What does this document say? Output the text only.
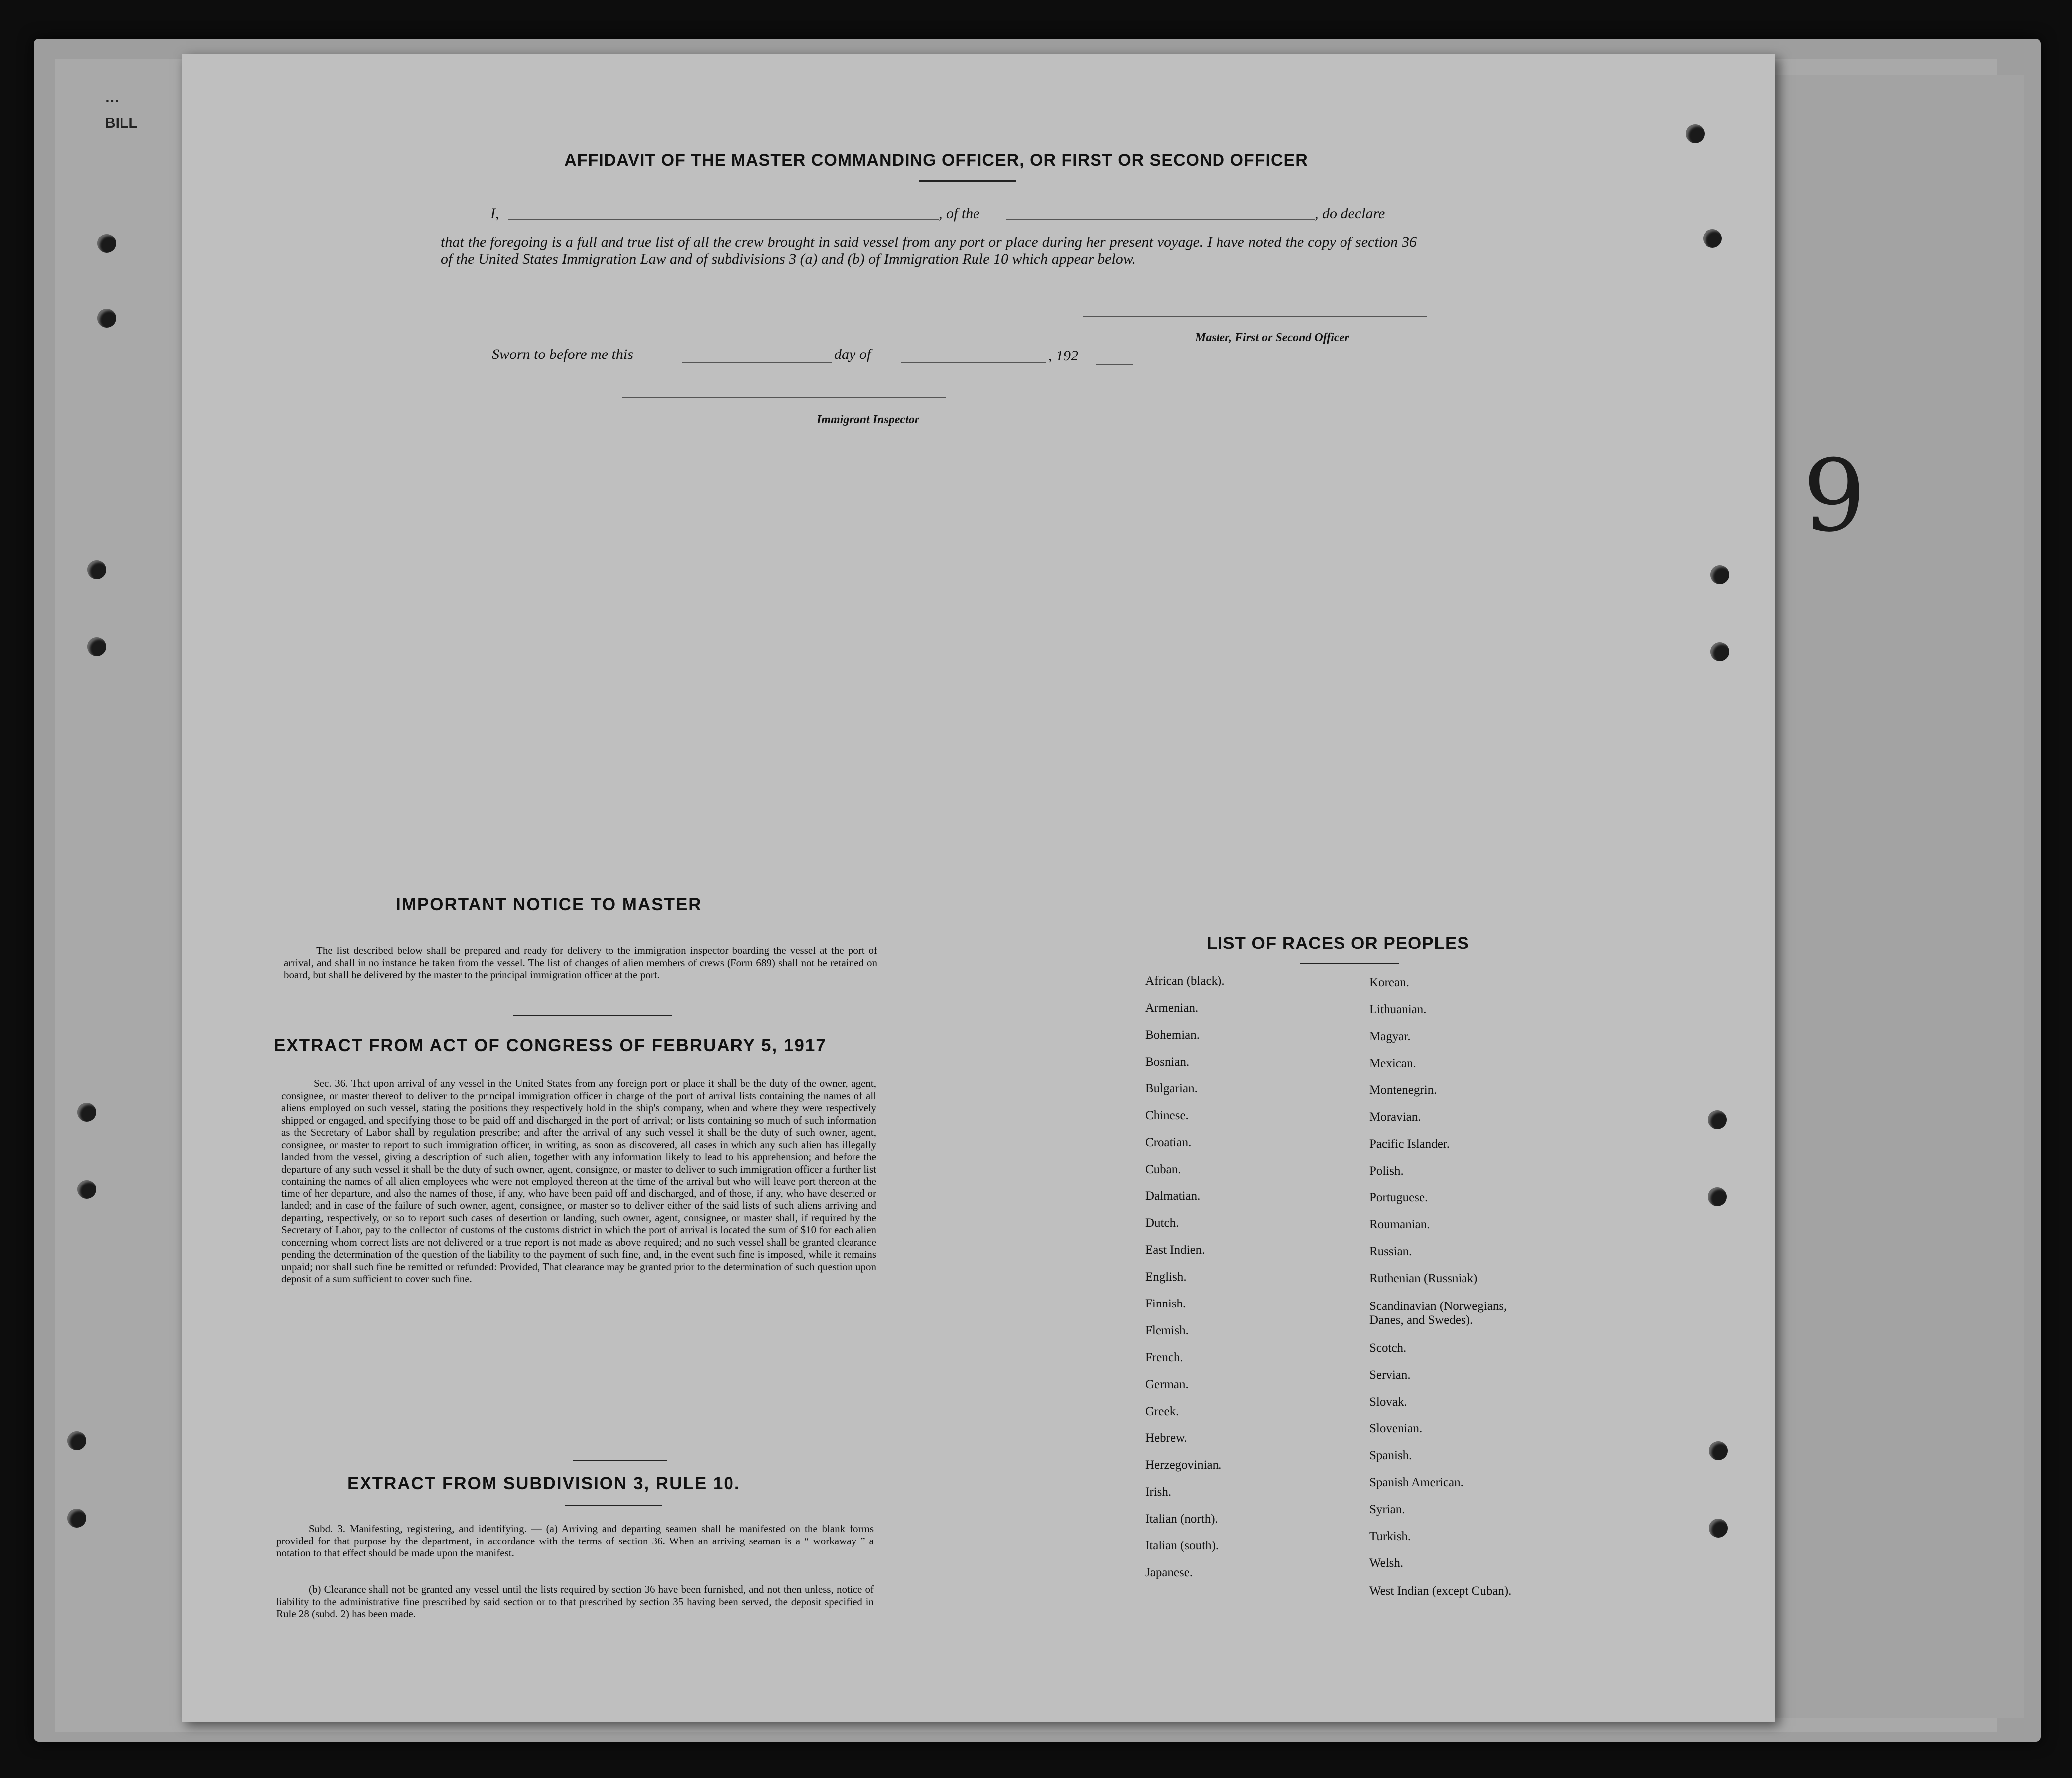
…
BILL
9
AFFIDAVIT OF THE MASTER COMMANDING OFFICER, OR FIRST OR SECOND OFFICER
I,	, of the	, do declare
that the foregoing is a full and true list of all the crew brought in said vessel from any port or place during her present voyage. I have noted the copy of section 36 of the United States Immigration Law and of subdivisions 3 (a) and (b) of Immigration Rule 10 which appear below.
Master, First or Second Officer
Sworn to before me this	day of	, 192
Immigrant Inspector
IMPORTANT NOTICE TO MASTER
The list described below shall be prepared and ready for delivery to the immigration inspector boarding the vessel at the port of arrival, and shall in no instance be taken from the vessel. The list of changes of alien members of crews (Form 689) shall not be retained on board, but shall be delivered by the master to the principal immigration officer at the port.
EXTRACT FROM ACT OF CONGRESS OF FEBRUARY 5, 1917
Sec. 36. That upon arrival of any vessel in the United States from any foreign port or place it shall be the duty of the owner, agent, consignee, or master thereof to deliver to the principal immigration officer in charge of the port of arrival lists containing the names of all aliens employed on such vessel, stating the positions they respectively hold in the ship's company, when and where they were respectively shipped or engaged, and specifying those to be paid off and discharged in the port of arrival; or lists containing so much of such information as the Secretary of Labor shall by regulation prescribe; and after the arrival of any such vessel it shall be the duty of such owner, agent, consignee, or master to report to such immigration officer, in writing, as soon as discovered, all cases in which any such alien has illegally landed from the vessel, giving a description of such alien, together with any information likely to lead to his apprehension; and before the departure of any such vessel it shall be the duty of such owner, agent, consignee, or master to deliver to such immigration officer a further list containing the names of all alien employees who were not employed thereon at the time of the arrival but who will leave port thereon at the time of her departure, and also the names of those, if any, who have been paid off and discharged, and of those, if any, who have deserted or landed; and in case of the failure of such owner, agent, consignee, or master so to deliver either of the said lists of such aliens arriving and departing, respectively, or so to report such cases of desertion or landing, such owner, agent, consignee, or master shall, if required by the Secretary of Labor, pay to the collector of customs of the customs district in which the port of arrival is located the sum of $10 for each alien concerning whom correct lists are not delivered or a true report is not made as above required; and no such vessel shall be granted clearance pending the determination of the question of the liability to the payment of such fine, and, in the event such fine is imposed, while it remains unpaid; nor shall such fine be remitted or refunded: Provided, That clearance may be granted prior to the determination of such question upon deposit of a sum sufficient to cover such fine.
EXTRACT FROM SUBDIVISION 3, RULE 10.
Subd. 3. Manifesting, registering, and identifying. — (a) Arriving and departing seamen shall be manifested on the blank forms provided for that purpose by the department, in accordance with the terms of section 36. When an arriving seaman is a “ workaway ” a notation to that effect should be made upon the manifest.
(b) Clearance shall not be granted any vessel until the lists required by section 36 have been furnished, and not then unless, notice of liability to the administrative fine prescribed by said section or to that prescribed by section 35 having been served, the deposit specified in Rule 28 (subd. 2) has been made.
LIST OF RACES OR PEOPLES
African (black).
Armenian.
Bohemian.
Bosnian.
Bulgarian.
Chinese.
Croatian.
Cuban.
Dalmatian.
Dutch.
East Indien.
English.
Finnish.
Flemish.
French.
German.
Greek.
Hebrew.
Herzegovinian.
Irish.
Italian (north).
Italian (south).
Japanese.
Korean.
Lithuanian.
Magyar.
Mexican.
Montenegrin.
Moravian.
Pacific Islander.
Polish.
Portuguese.
Roumanian.
Russian.
Ruthenian (Russniak)
Scandinavian (Norwegians, Danes, and Swedes).
Scotch.
Servian.
Slovak.
Slovenian.
Spanish.
Spanish American.
Syrian.
Turkish.
Welsh.
West Indian (except Cuban).
